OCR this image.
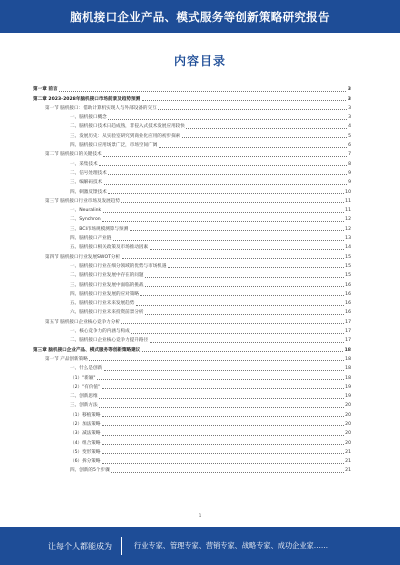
脑机接口企业产品、模式服务等创新策略研究报告
内容目录
第一章 前言	3
第二章 2023-2028年脑机接口市场前景及趋势预测	3
第一节 脑机接口：借助计算机实现人与外部设备的交互	3
一、脑机接口概念	3
二、脑机接口技术日趋成熟，非侵入式技术发展应用较快	4
三、发展历史：从实验室研究到商业化应用的初步探索	5
四、脑机接口应用场景广泛，市场空间广阔	6
第二节 脑机接口的关键技术	7
一、采集技术	8
二、信号处理技术	9
三、编解码技术	9
四、刺激反馈技术	10
第三节 脑机接口行业市场及发展趋势	11
一、Neuralink	11
二、Synchron	12
三、BCI市场规模测算与预测	12
四、脑机接口产业链	13
五、脑机接口相关政策及市场推动因素	14
第四节 脑机接口行业发展SWOT分析	15
一、脑机接口行业在细分领域的优势与市场机遇	15
二、脑机接口行业发展中存在的问题	15
三、脑机接口行业发展中面临的挑战	16
四、脑机接口行业发展的应对策略	16
五、脑机接口行业未来发展趋势	16
六、脑机接口行业未来投资前景分析	16
第五节 脑机接口企业核心竞争力分析	17
一、核心竞争力的内涵与构成	17
二、脑机接口企业核心竞争力提升路径	17
第三章 脑机接口企业产品、模式服务等创新策略建议	18
第一节 产品创新策略	18
一、什么是创新	18
（1）"新颖"	18
（2）"有价值"	19
二、创新思维	19
三、创新方法	20
（1）移植策略	20
（2）加法策略	20
（3）减法策略	20
（4）组合策略	20
（5）变形策略	21
（6）拆分策略	21
四、创新的5个步骤	21
1
让每个人都能成为	行业专家、管理专家、营销专家、战略专家、成功企业家……
